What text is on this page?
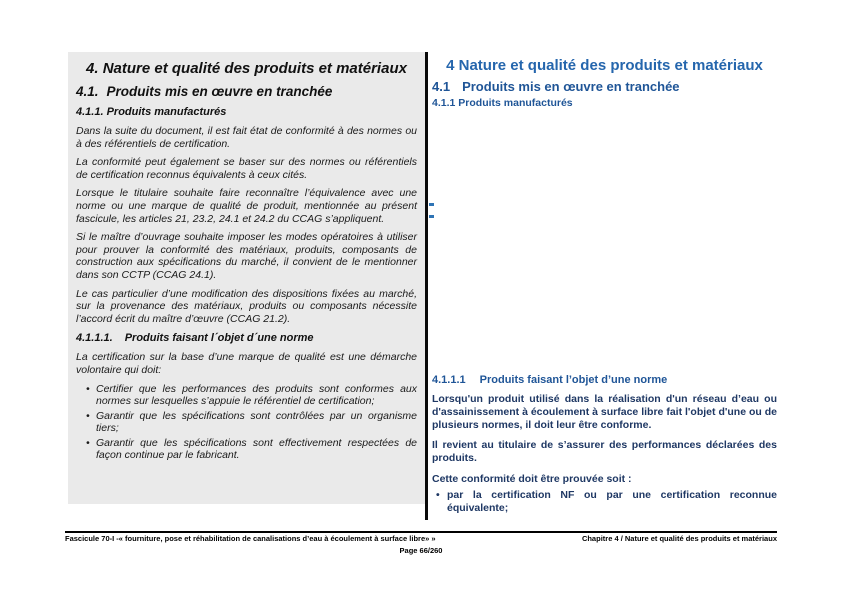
4. Nature et qualité des produits et matériaux
4.1. Produits mis en œuvre en tranchée
4.1.1. Produits manufacturés
Dans la suite du document, il est fait état de conformité à des normes ou à des référentiels de certification.
La conformité peut également se baser sur des normes ou référentiels de certification reconnus équivalents à ceux cités.
Lorsque le titulaire souhaite faire reconnaître l’équivalence avec une norme ou une marque de qualité de produit, mentionnée au présent fascicule, les articles 21, 23.2, 24.1 et 24.2 du CCAG s’appliquent.
Si le maître d’ouvrage souhaite imposer les modes opératoires à utiliser pour prouver la conformité des matériaux, produits, composants de construction aux spécifications du marché, il convient de le mentionner dans son CCTP (CCAG 24.1).
Le cas particulier d’une modification des dispositions fixées au marché, sur la provenance des matériaux, produits ou composants nécessite l’accord écrit du maître d’œuvre (CCAG 21.2).
4.1.1.1. Produits faisant l´objet d´une norme
La certification sur la base d’une marque de qualité est une démarche volontaire qui doit:
• Certifier que les performances des produits sont conformes aux normes sur lesquelles s’appuie le référentiel de certification;
• Garantir que les spécifications sont contrôlées par un organisme tiers;
• Garantir que les spécifications sont effectivement respectées de façon continue par le fabricant.
4 Nature et qualité des produits et matériaux
4.1 Produits mis en œuvre en tranchée
4.1.1 Produits manufacturés
4.1.1.1 Produits faisant l’objet d’une norme
Lorsqu'un produit utilisé dans la réalisation d'un réseau d’eau ou d'assainissement à écoulement à surface libre fait l'objet d'une ou de plusieurs normes, il doit leur être conforme.
Il revient au titulaire de s’assurer des performances déclarées des produits.
Cette conformité doit être prouvée soit :
• par la certification NF ou par une certification reconnue équivalente;
Fascicule 70-I -« fourniture, pose et réhabilitation de canalisations d’eau à écoulement à surface libre» »	Chapitre 4 / Nature et qualité des produits et matériaux
Page 66/260
